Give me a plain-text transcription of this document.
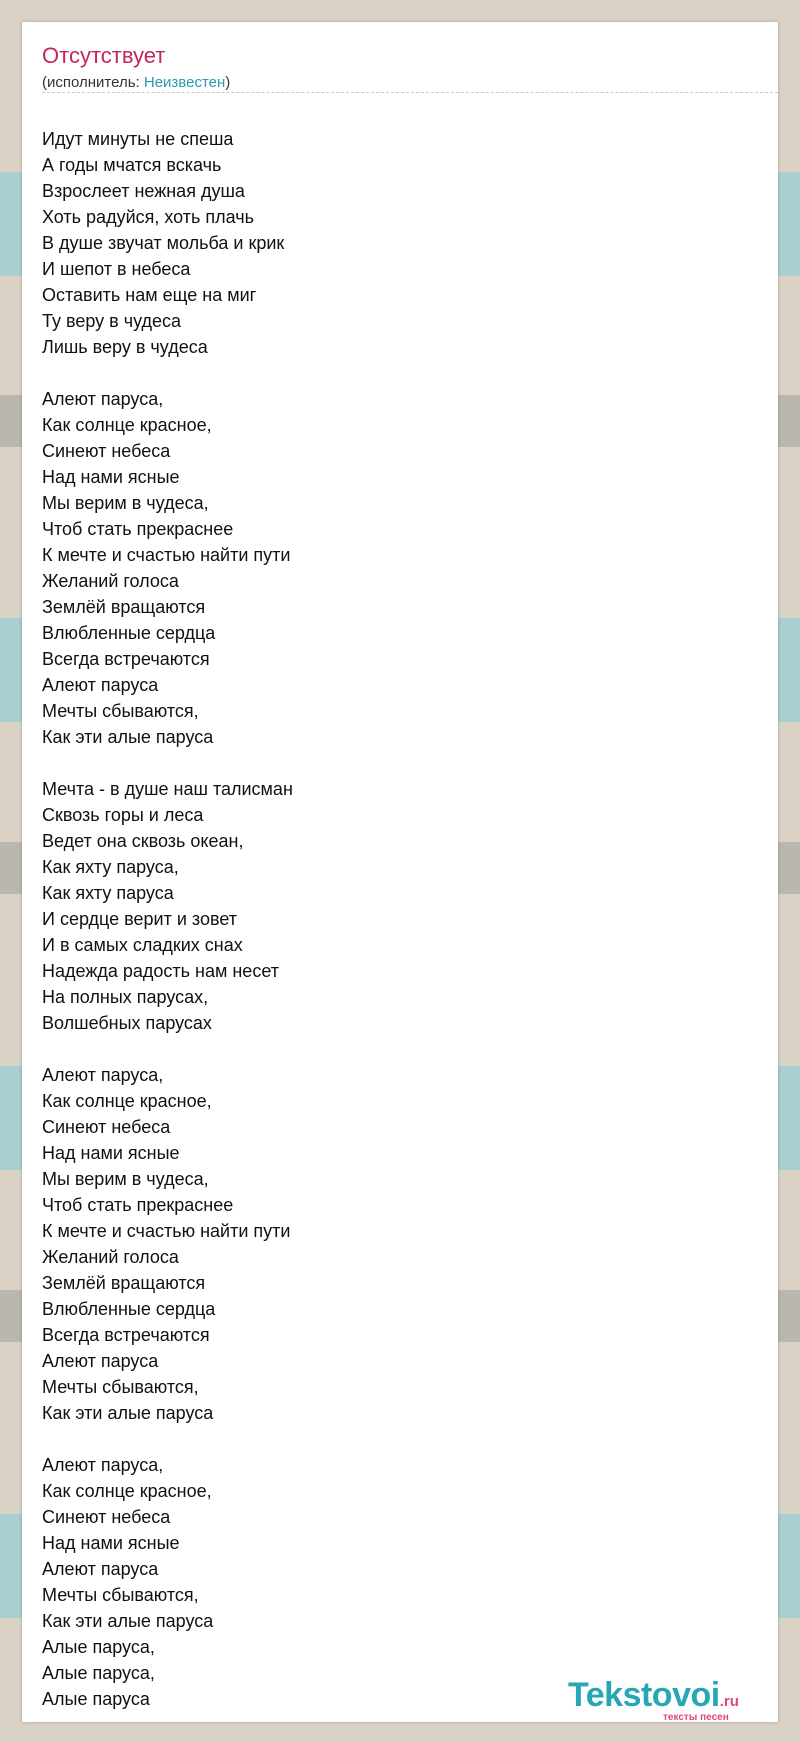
Отсутствует
(исполнитель: Неизвестен)
Идут минуты не спеша
А годы мчатся вскачь
Взрослеет нежная душа
Хоть радуйся, хоть плачь
В душе звучат мольба и крик
И шепот в небеса
Оставить нам еще на миг
Ту веру в чудеса
Лишь веру в чудеса

Алеют паруса,
Как солнце красное,
Синеют небеса
Над нами ясные
Мы верим в чудеса,
Чтоб стать прекраснее
К мечте и счастью найти пути
Желаний голоса
Землёй вращаются
Влюбленные сердца
Всегда встречаются
Алеют паруса
Мечты сбываются,
Как эти алые паруса

Мечта - в душе наш талисман
Сквозь горы и леса
Ведет она сквозь океан,
Как яхту паруса,
Как яхту паруса
И сердце верит и зовет
И в самых сладких снах
Надежда радость нам несет
На полных парусах,
Волшебных парусах

Алеют паруса,
Как солнце красное,
Синеют небеса
Над нами ясные
Мы верим в чудеса,
Чтоб стать прекраснее
К мечте и счастью найти пути
Желаний голоса
Землёй вращаются
Влюбленные сердца
Всегда встречаются
Алеют паруса
Мечты сбываются,
Как эти алые паруса

Алеют паруса,
Как солнце красное,
Синеют небеса
Над нами ясные
Алеют паруса
Мечты сбываются,
Как эти алые паруса
Алые паруса,
Алые паруса,
Алые паруса	Tekstovoi.ru
тексты песен
